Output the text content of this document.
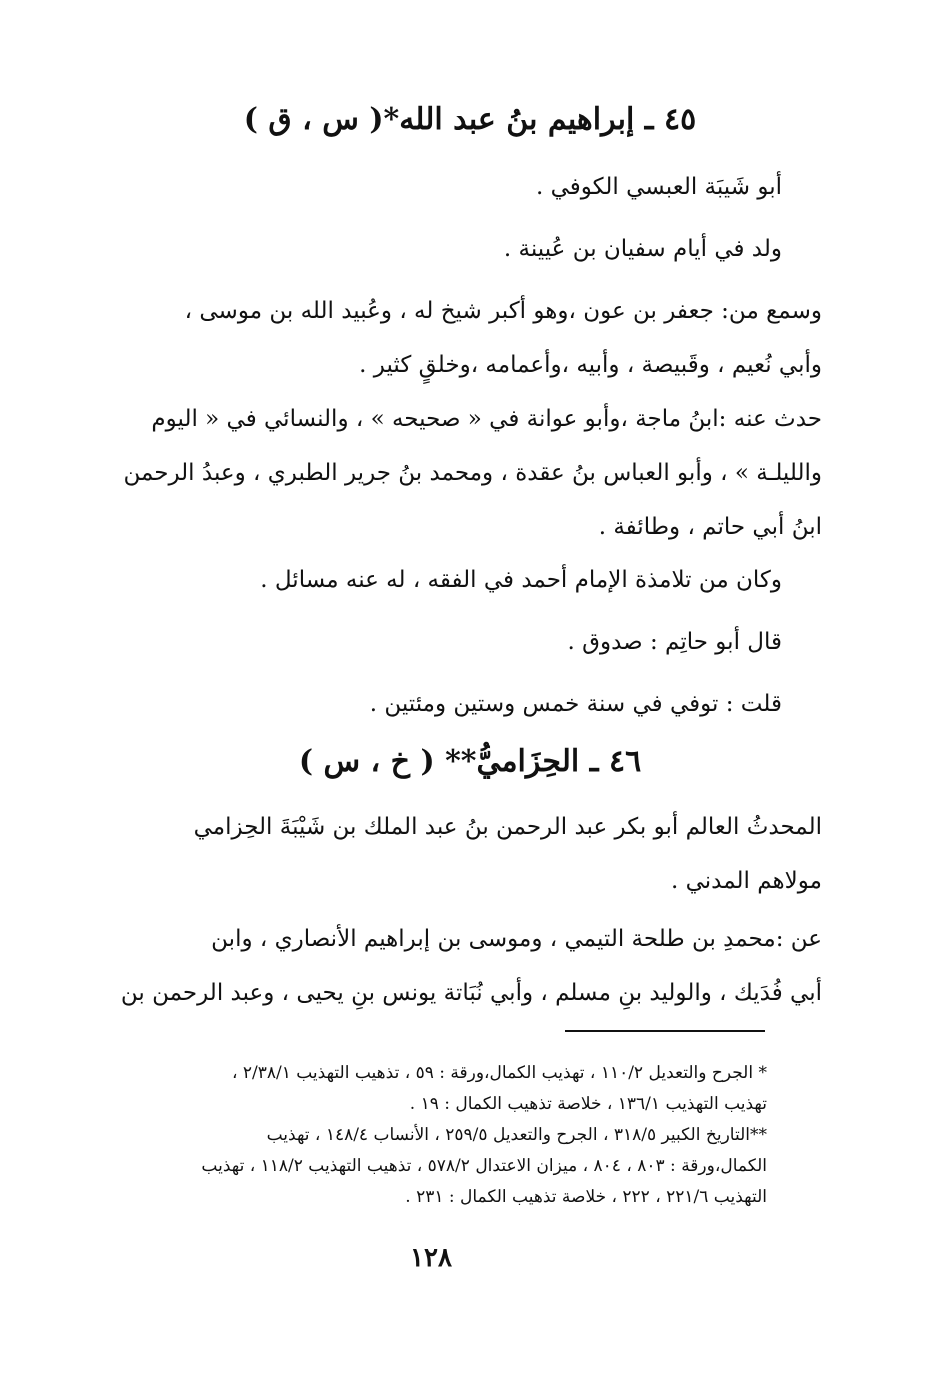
٤٥ ـ إبراهيم بنُ عبد الله*( س ، ق )
أبو شَيبَة العبسي الكوفي .
ولد في أيام سفيان بن عُيينة .
وسمع من: جعفر بن عون ،وهو أكبر شيخ له ، وعُبيد الله بن موسى ،
وأبي نُعيم ، وقَبيصة ، وأبيه ،وأعمامه ،وخلقٍ كثير .
حدث عنه :ابنُ ماجة ،وأبو عوانة في « صحيحه » ، والنسائي في « اليوم
والليلـة » ، وأبو العباس بنُ عقدة ، ومحمد بنُ جرير الطبري ، وعبدُ الرحمن
ابنُ أبي حاتم ، وطائفة .
وكان من تلامذة الإمام أحمد في الفقه ، له عنه مسائل .
قال أبو حاتِم : صدوق .
قلت : توفي في سنة خمس وستين ومئتين .
٤٦ ـ الحِزَاميُّ** ( خ ، س )
المحدثُ العالم أبو بكر عبد الرحمن بنُ عبد الملك بن شَيْبَةَ الحِزامي
مولاهم المدني .
عن :محمدِ بن طلحة التيمي ، وموسى بن إبراهيم الأنصاري ، وابن
أبي فُدَيك ، والوليد بنِ مسلم ، وأبي نُبَاتة يونس بنِ يحيى ، وعبد الرحمن بن
* الجرح والتعديل ١١٠/٢ ، تهذيب الكمال،ورقة : ٥٩ ، تذهيب التهذيب ٢/٣٨/١ ،
تهذيب التهذيب ١٣٦/١ ، خلاصة تذهيب الكمال : ١٩ .
**التاريخ الكبير ٣١٨/٥ ، الجرح والتعديل ٢٥٩/٥ ، الأنساب ١٤٨/٤ ، تهذيب
الكمال،ورقة : ٨٠٣ ، ٨٠٤ ، ميزان الاعتدال ٥٧٨/٢ ، تذهيب التهذيب ١١٨/٢ ، تهذيب
التهذيب ٢٢١/٦ ، ٢٢٢ ، خلاصة تذهيب الكمال : ٢٣١ .
١٢٨
